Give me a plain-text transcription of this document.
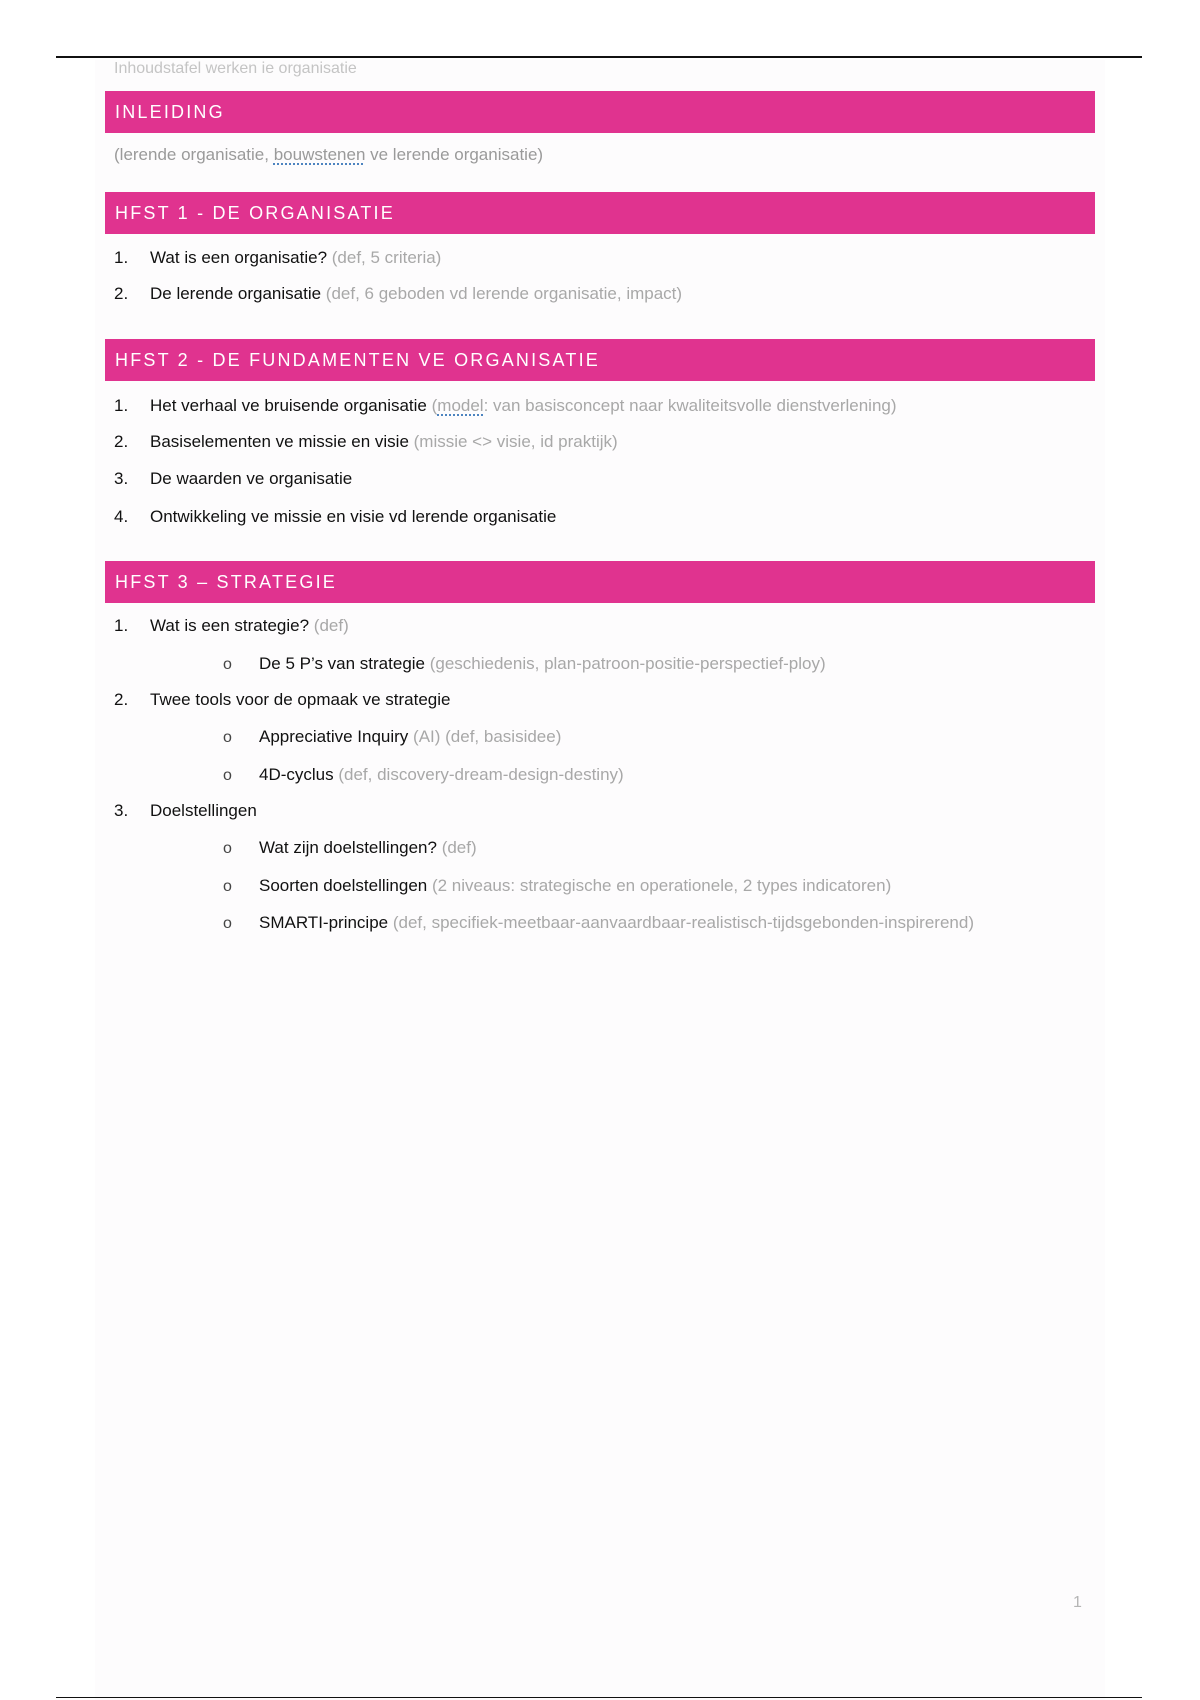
Inhoudstafel werken ie organisatie
INLEIDING
(lerende organisatie, bouwstenen ve lerende organisatie)
HFST 1 - DE ORGANISATIE
1. Wat is een organisatie? (def, 5 criteria)
2. De lerende organisatie (def, 6 geboden vd lerende organisatie, impact)
HFST 2 - DE FUNDAMENTEN VE ORGANISATIE
1. Het verhaal ve bruisende organisatie (model: van basisconcept naar kwaliteitsvolle dienstverlening)
2. Basiselementen ve missie en visie (missie <> visie, id praktijk)
3. De waarden ve organisatie
4. Ontwikkeling ve missie en visie vd lerende organisatie
HFST 3 – STRATEGIE
1. Wat is een strategie? (def)
o De 5 P’s van strategie (geschiedenis, plan-patroon-positie-perspectief-ploy)
2. Twee tools voor de opmaak ve strategie
o Appreciative Inquiry (AI) (def, basisidee)
o 4D-cyclus (def, discovery-dream-design-destiny)
3. Doelstellingen
o Wat zijn doelstellingen? (def)
o Soorten doelstellingen (2 niveaus: strategische en operationele, 2 types indicatoren)
o SMARTI-principe (def, specifiek-meetbaar-aanvaardbaar-realistisch-tijdsgebonden-inspirerend)
1
